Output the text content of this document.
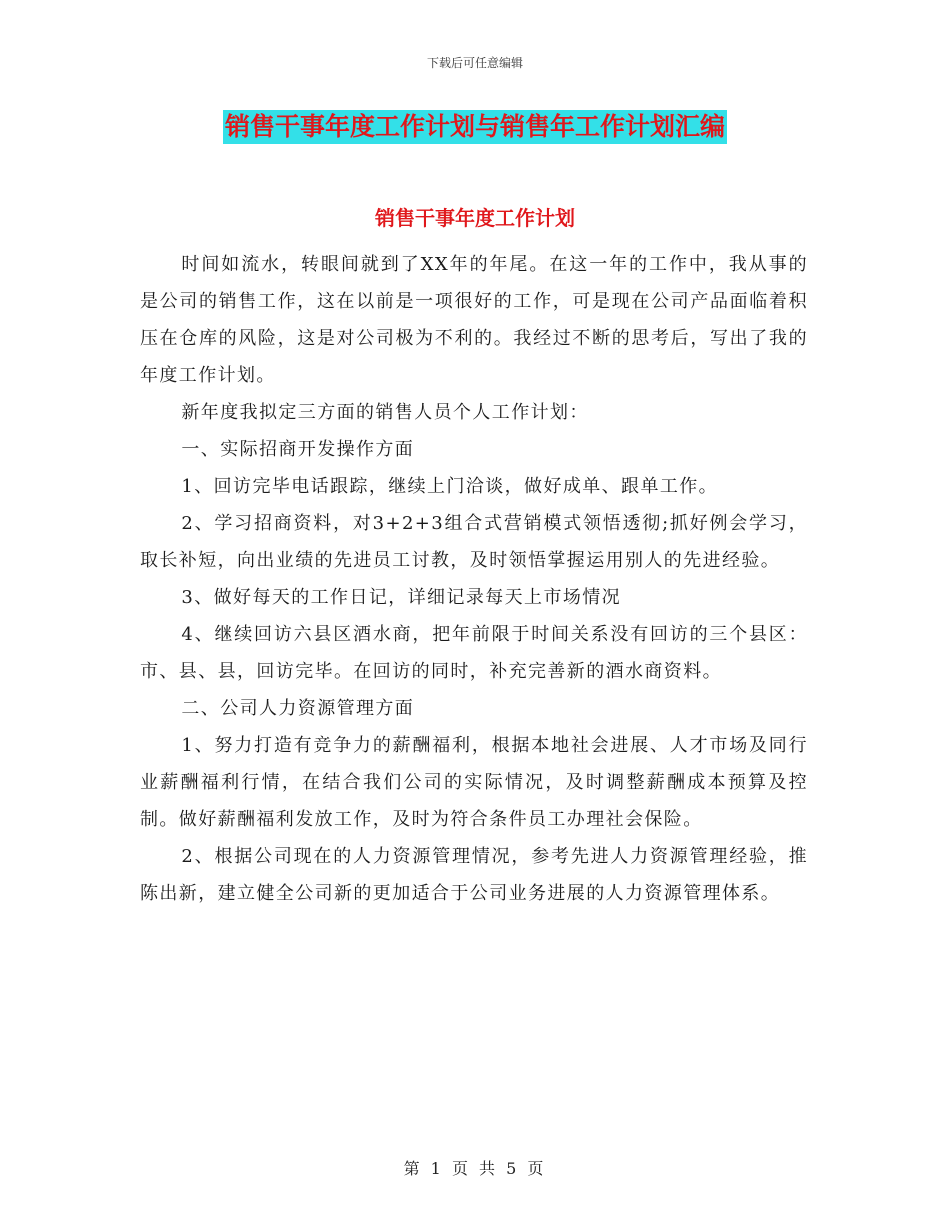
下载后可任意编辑
销售干事年度工作计划与销售年工作计划汇编
销售干事年度工作计划

时间如流水，转眼间就到了XX年的年尾。在这一年的工作中，我从事的是公司的销售工作，这在以前是一项很好的工作，可是现在公司产品面临着积压在仓库的风险，这是对公司极为不利的。我经过不断的思考后，写出了我的年度工作计划。

新年度我拟定三方面的销售人员个人工作计划：

一、实际招商开发操作方面

1、回访完毕电话跟踪，继续上门洽谈，做好成单、跟单工作。

2、学习招商资料，对3+2+3组合式营销模式领悟透彻;抓好例会学习，取长补短，向出业绩的先进员工讨教，及时领悟掌握运用别人的先进经验。

3、做好每天的工作日记，详细记录每天上市场情况

4、继续回访六县区酒水商，把年前限于时间关系没有回访的三个县区：市、县、县，回访完毕。在回访的同时，补充完善新的酒水商资料。

二、公司人力资源管理方面

1、努力打造有竞争力的薪酬福利，根据本地社会进展、人才市场及同行业薪酬福利行情，在结合我们公司的实际情况，及时调整薪酬成本预算及控制。做好薪酬福利发放工作，及时为符合条件员工办理社会保险。

2、根据公司现在的人力资源管理情况，参考先进人力资源管理经验，推陈出新，建立健全公司新的更加适合于公司业务进展的人力资源管理体系。

第 1 页 共 5 页
